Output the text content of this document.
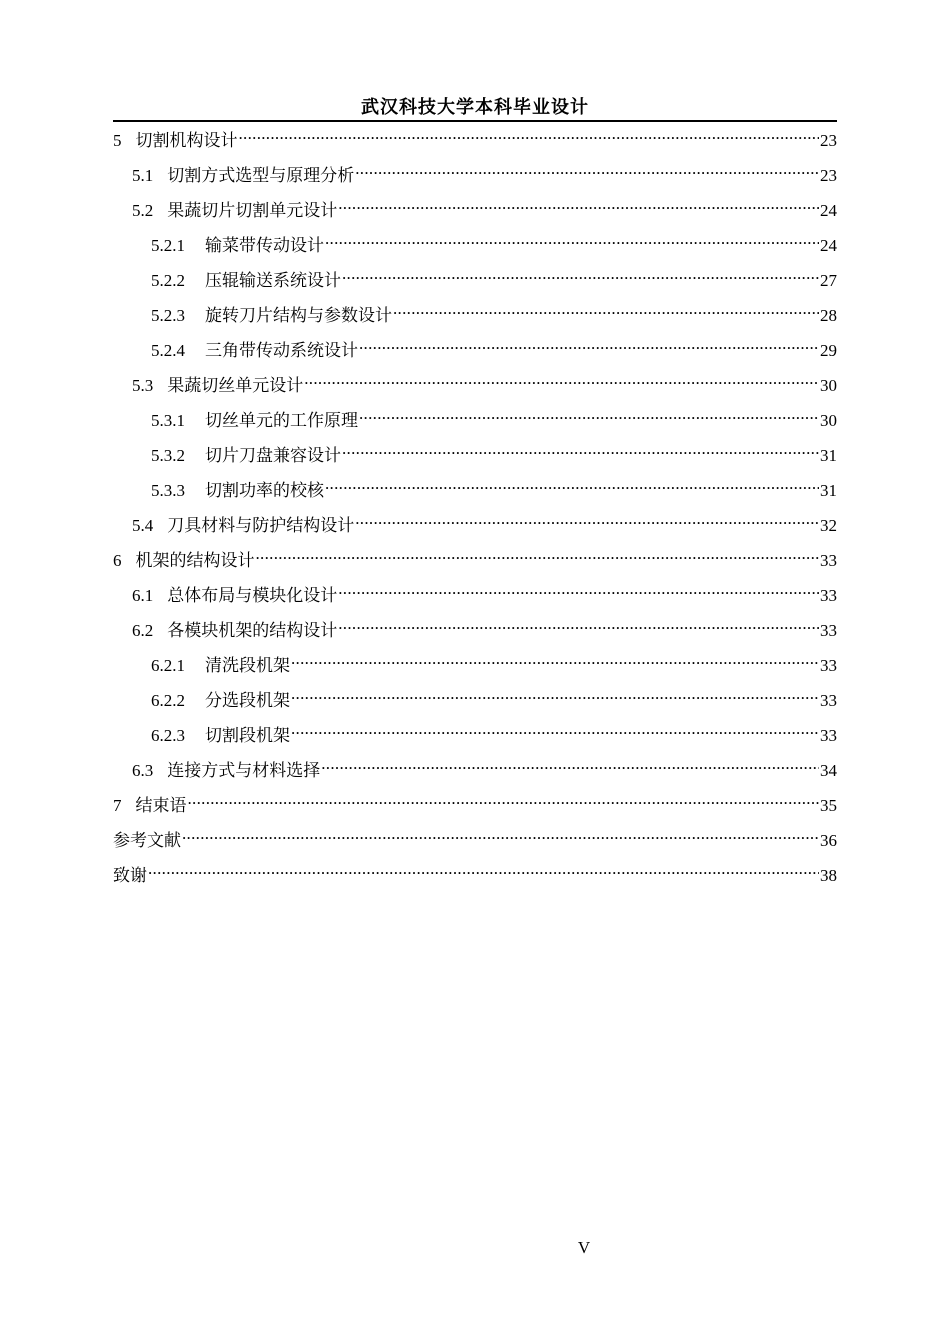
武汉科技大学本科毕业设计
5 切割机构设计 .....	23
5.1 切割方式选型与原理分析 .....	23
5.2 果蔬切片切割单元设计 .....	24
5.2.1 输菜带传动设计 .....	24
5.2.2 压辊输送系统设计 .....	27
5.2.3 旋转刀片结构与参数设计 .....	28
5.2.4 三角带传动系统设计 .....	29
5.3 果蔬切丝单元设计 .....	30
5.3.1 切丝单元的工作原理 .....	30
5.3.2 切片刀盘兼容设计 .....	31
5.3.3 切割功率的校核 .....	31
5.4 刀具材料与防护结构设计 .....	32
6 机架的结构设计 .....	33
6.1 总体布局与模块化设计 .....	33
6.2 各模块机架的结构设计 .....	33
6.2.1 清洗段机架 .....	33
6.2.2 分选段机架 .....	33
6.2.3 切割段机架 .....	33
6.3 连接方式与材料选择 .....	34
7 结束语 .....	35
参考文献 .....	36
致谢 .....	38
V
